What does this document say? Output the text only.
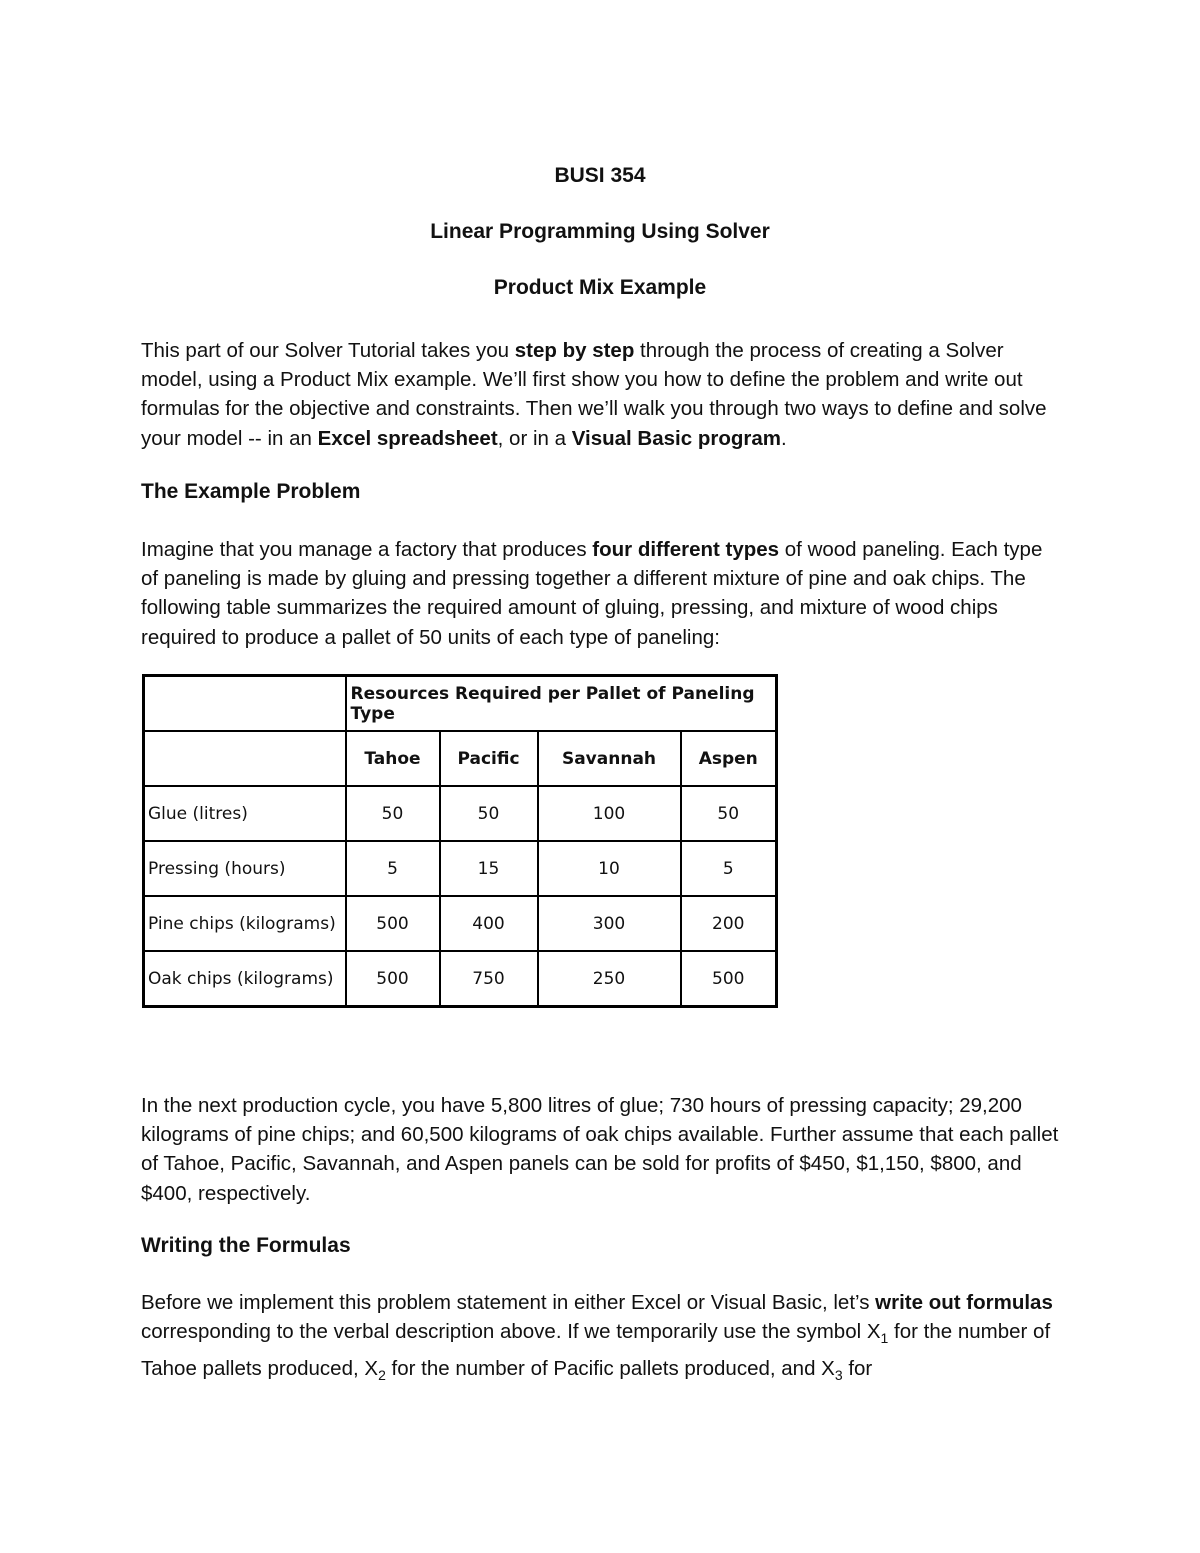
BUSI 354
Linear Programming Using Solver
Product Mix Example

This part of our Solver Tutorial takes you step by step through the process of creating a Solver model, using a Product Mix example. We’ll first show you how to define the problem and write out formulas for the objective and constraints. Then we’ll walk you through two ways to define and solve your model -- in an Excel spreadsheet, or in a Visual Basic program.

The Example Problem

Imagine that you manage a factory that produces four different types of wood paneling. Each type of paneling is made by gluing and pressing together a different mixture of pine and oak chips. The following table summarizes the required amount of gluing, pressing, and mixture of wood chips required to produce a pallet of 50 units of each type of paneling:

	Resources Required per Pallet of Paneling Type			
	Tahoe	Pacific	Savannah	Aspen
Glue (litres)	50	50	100	50
Pressing (hours)	5	15	10	5
Pine chips (kilograms)	500	400	300	200
Oak chips (kilograms)	500	750	250	500

In the next production cycle, you have 5,800 litres of glue; 730 hours of pressing capacity; 29,200 kilograms of pine chips; and 60,500 kilograms of oak chips available. Further assume that each pallet of Tahoe, Pacific, Savannah, and Aspen panels can be sold for profits of $450, $1,150, $800, and $400, respectively.

Writing the Formulas

Before we implement this problem statement in either Excel or Visual Basic, let’s write out formulas corresponding to the verbal description above. If we temporarily use the symbol $X_1$ for the number of Tahoe pallets produced, $X_2$ for the number of Pacific pallets produced, and $X_3$ for
